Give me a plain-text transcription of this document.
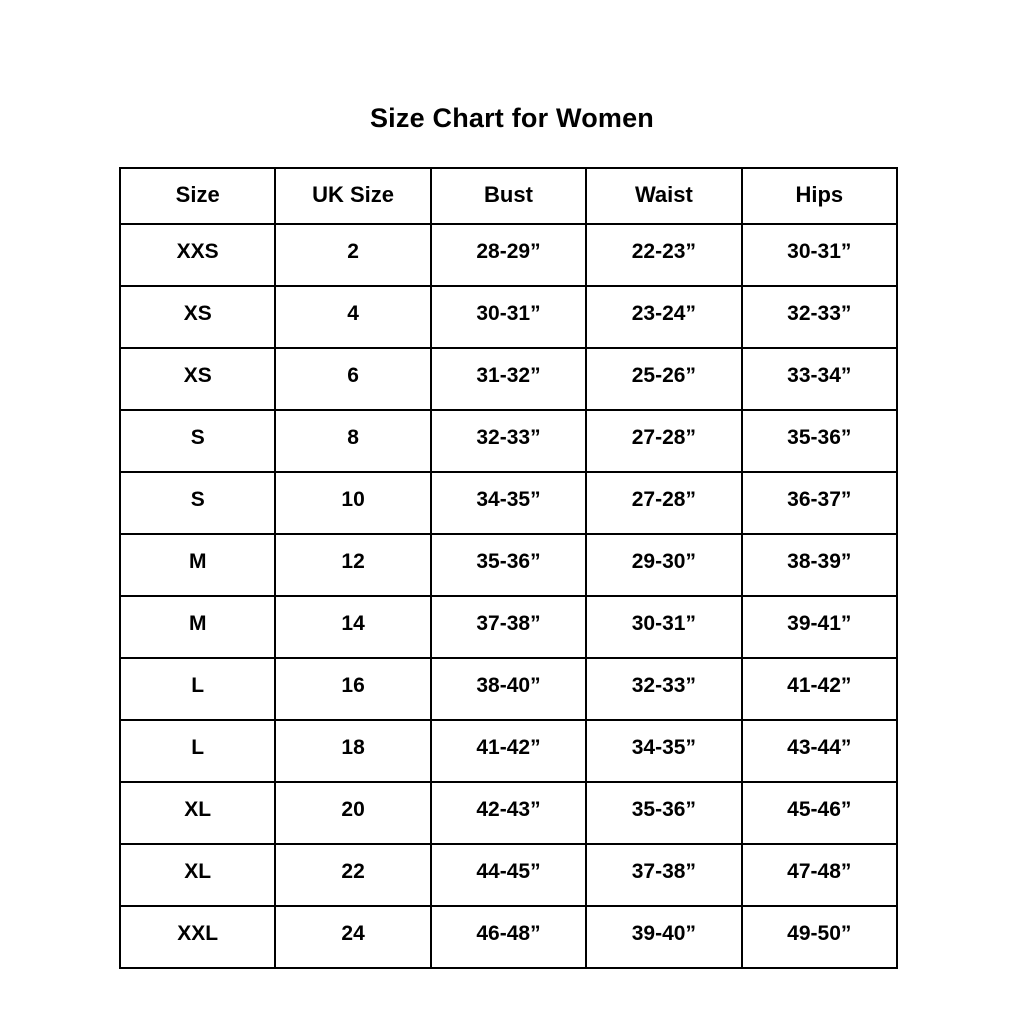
Size Chart for Women
Size	UK Size	Bust	Waist	Hips
XXS	2	28-29”	22-23”	30-31”
XS	4	30-31”	23-24”	32-33”
XS	6	31-32”	25-26”	33-34”
S	8	32-33”	27-28”	35-36”
S	10	34-35”	27-28”	36-37”
M	12	35-36”	29-30”	38-39”
M	14	37-38”	30-31”	39-41”
L	16	38-40”	32-33”	41-42”
L	18	41-42”	34-35”	43-44”
XL	20	42-43”	35-36”	45-46”
XL	22	44-45”	37-38”	47-48”
XXL	24	46-48”	39-40”	49-50”
